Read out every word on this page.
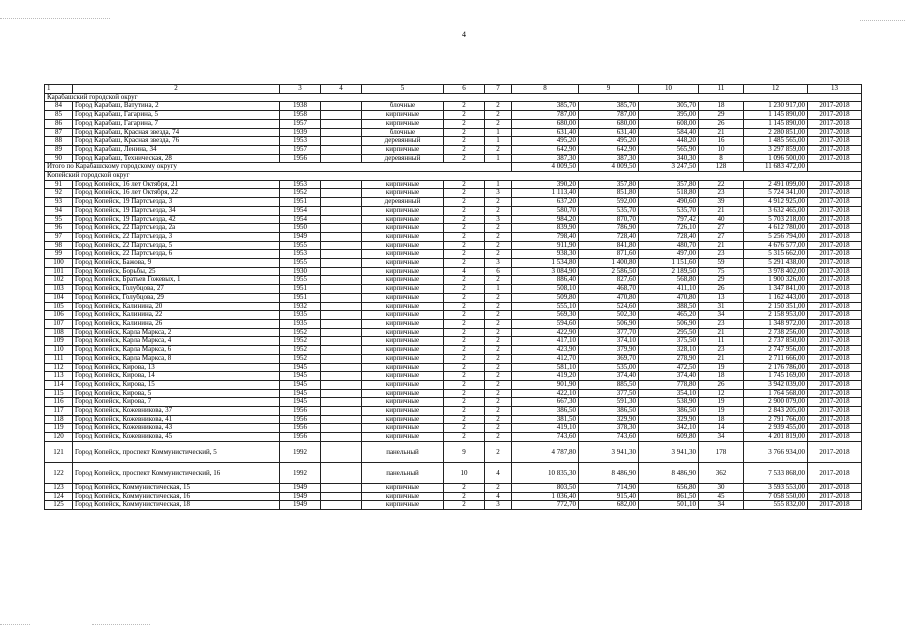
4
1	2	3	4	5	6	7	8	9	10	11	12	13
Карабашский городской округ												
84	Город Карабаш, Ватутина, 2	1938		блочные	2	2	385,70	385,70	305,70	18	1 230 917,00	2017-2018
85	Город Карабаш, Гагарина, 5	1958		кирпичные	2	2	787,00	787,00	395,00	29	1 145 890,00	2017-2018
86	Город Карабаш, Гагарина, 7	1957		кирпичные	2	2	680,00	680,00	608,00	26	1 145 890,00	2017-2018
87	Город Карабаш, Красная звезда, 74	1939		блочные	2	1	631,40	631,40	584,40	21	2 280 851,00	2017-2018
88	Город Карабаш, Красная звезда, 76	1953		деревянный	2	1	495,20	495,20	448,20	16	1 485 565,00	2017-2018
89	Город Карабаш, Ленина, 34	1957		кирпичные	2	2	642,90	642,90	565,90	10	3 297 859,00	2017-2018
90	Город Карабаш, Техническая, 28	1956		деревянный	2	1	387,30	387,30	340,30	8	1 096 500,00	2017-2018
Итого по Карабашскому городскому округу							4 009,50	4 009,50	3 247,50	128	11 683 472,00	
Копейский городской округ												
91	Город Копейск, 16 лет Октября, 21	1953		кирпичные	2	1	390,20	357,80	357,80	22	2 491 099,00	2017-2018
92	Город Копейск, 16 лет Октября, 22	1952		кирпичные	2	3	1 113,40	851,80	518,80	23	5 724 341,00	2017-2018
93	Город Копейск, 19 Партсъезда, 3	1951		деревянный	2	2	637,20	592,00	490,60	39	4 912 925,00	2017-2018
94	Город Копейск, 19 Партсъезда, 34	1954		кирпичные	2	2	580,70	535,70	535,70	21	3 632 465,00	2017-2018
95	Город Копейск, 19 Партсъезда, 42	1954		кирпичные	2	3	984,20	870,70	797,42	40	5 703 218,00	2017-2018
96	Город Копейск, 22 Партсъезда, 2а	1950		кирпичные	2	2	839,90	786,90	726,10	27	4 612 780,00	2017-2018
97	Город Копейск, 22 Партсъезда, 3	1949		кирпичные	2	2	798,40	728,40	728,40	27	5 256 794,00	2017-2018
98	Город Копейск, 22 Партсъезда, 5	1955		кирпичные	2	2	911,90	841,80	480,70	21	4 676 577,00	2017-2018
99	Город Копейск, 22 Партсъезда, 6	1953		кирпичные	2	2	938,30	871,60	497,00	23	5 315 662,00	2017-2018
100	Город Копейск, Бажова, 9	1955		кирпичные	2	3	1 534,80	1 400,80	1 151,60	59	5 291 438,00	2017-2018
101	Город Копейск, Борьбы, 25	1930		кирпичные	4	6	3 084,90	2 586,50	2 189,50	75	3 978 402,00	2017-2018
102	Город Копейск, Братьев Гожевых, 1	1955		кирпичные	2	2	886,40	827,60	568,80	29	1 900 326,00	2017-2018
103	Город Копейск, Голубцова, 27	1951		кирпичные	2	1	508,10	468,70	411,10	26	1 347 841,00	2017-2018
104	Город Копейск, Голубцова, 29	1951		кирпичные	2	2	509,80	470,80	470,80	13	1 162 443,00	2017-2018
105	Город Копейск, Калинина, 20	1932		кирпичные	2	2	555,10	524,60	388,50	31	2 150 351,00	2017-2018
106	Город Копейск, Калинина, 22	1935		кирпичные	2	2	569,30	502,30	465,20	34	2 158 953,00	2017-2018
107	Город Копейск, Калинина, 26	1935		кирпичные	2	2	594,60	506,90	506,90	23	1 348 972,00	2017-2018
108	Город Копейск, Карла Маркса, 2	1952		кирпичные	2	2	422,90	377,70	295,50	21	2 738 256,00	2017-2018
109	Город Копейск, Карла Маркса, 4	1952		кирпичные	2	2	417,10	374,10	375,50	11	2 737 850,00	2017-2018
110	Город Копейск, Карла Маркса, 6	1952		кирпичные	2	2	423,90	379,90	328,10	23	2 747 956,00	2017-2018
111	Город Копейск, Карла Маркса, 8	1952		кирпичные	2	2	412,70	369,70	278,90	21	2 711 666,00	2017-2018
112	Город Копейск, Кирова, 13	1945		кирпичные	2	2	581,10	535,00	472,50	19	2 176 786,00	2017-2018
113	Город Копейск, Кирова, 14	1945		кирпичные	2	2	419,20	374,40	374,40	18	1 745 169,00	2017-2018
114	Город Копейск, Кирова, 15	1945		кирпичные	2	2	901,90	885,50	778,80	26	3 942 039,00	2017-2018
115	Город Копейск, Кирова, 5	1945		кирпичные	2	2	422,10	377,50	354,10	12	1 764 568,00	2017-2018
116	Город Копейск, Кирова, 7	1945		кирпичные	2	2	667,30	591,30	538,90	19	2 900 079,00	2017-2018
117	Город Копейск, Кожевникова, 37	1956		кирпичные	2	2	386,50	386,50	386,50	19	2 843 205,00	2017-2018
118	Город Копейск, Кожевникова, 41	1956		кирпичные	2	2	381,50	329,90	329,90	18	2 791 766,00	2017-2018
119	Город Копейск, Кожевникова, 43	1956		кирпичные	2	2	419,10	378,30	342,10	14	2 939 455,00	2017-2018
120	Город Копейск, Кожевникова, 45	1956		кирпичные	2	2	743,60	743,60	609,80	34	4 201 819,00	2017-2018
121	Город Копейск, проспект Коммунистический, 5	1992		панельный	9	2	4 787,80	3 941,30	3 941,30	178	3 766 934,00	2017-2018
122	Город Копейск, проспект Коммунистический, 16	1992		панельный	10	4	10 835,30	8 486,90	8 486,90	362	7 533 868,00	2017-2018
123	Город Копейск, Коммунистическая, 15	1949		кирпичные	2	2	803,50	714,90	656,80	30	3 593 553,00	2017-2018
124	Город Копейск, Коммунистическая, 16	1949		кирпичные	2	4	1 036,40	915,40	861,50	45	7 058 550,00	2017-2018
125	Город Копейск, Коммунистическая, 18	1949		кирпичные	2	3	772,70	682,00	501,10	34	555 832,00	2017-2018
